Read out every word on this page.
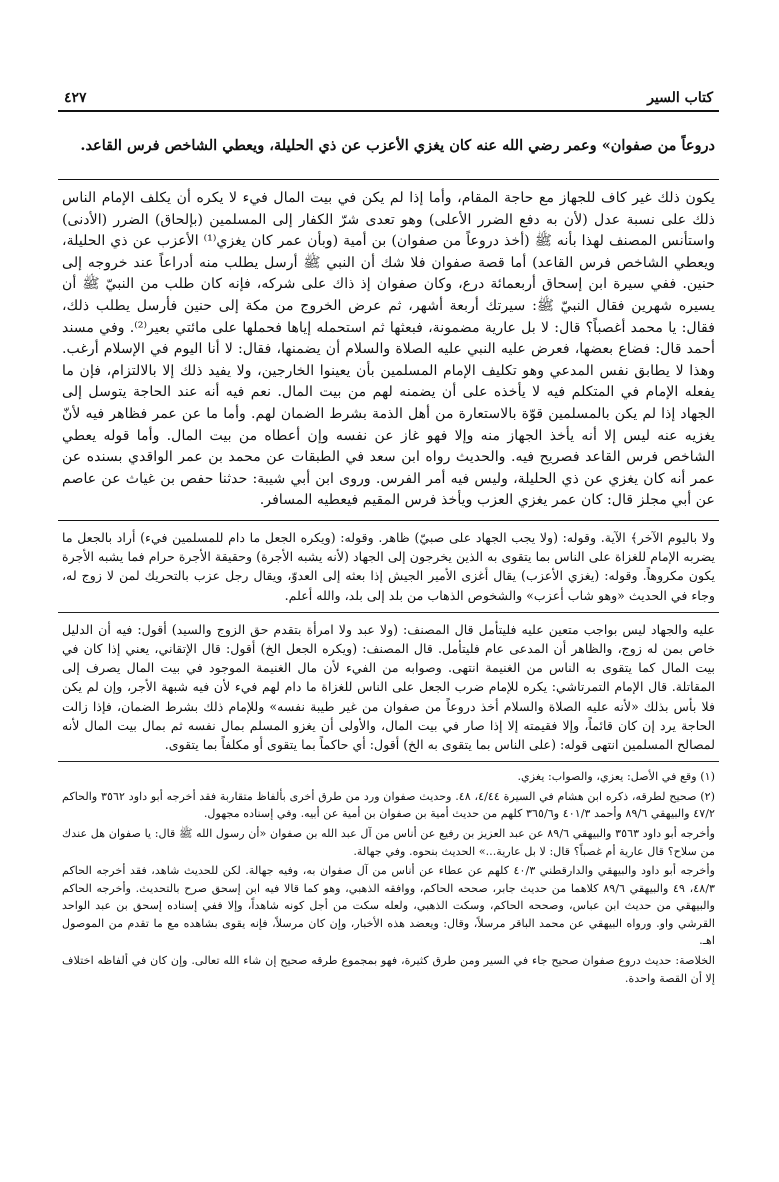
كتاب السير
٤٢٧

دروعاً من صفوان» وعمر رضي الله عنه كان يغزي الأعزب عن ذي الحليلة، ويعطي الشاخص فرس القاعد.

يكون ذلك غير كاف للجهاز مع حاجة المقام، وأما إذا لم يكن في بيت المال فيء لا يكره أن يكلف الإمام الناس ذلك على نسبة عدل (لأن به دفع الضرر الأعلى) وهو تعدى شرّ الكفار إلى المسلمين (بإلحاق) الضرر (الأدنى) واستأنس المصنف لهذا بأنه ﷺ (أخذ دروعاً من صفوان) بن أمية (وبأن عمر كان يغزي⁽¹⁾ الأعزب عن ذي الحليلة، ويعطي الشاخص فرس القاعد) أما قصة صفوان فلا شك أن النبي ﷺ أرسل يطلب منه أدراعاً عند خروجه إلى حنين. ففي سيرة ابن إسحاق أربعمائة درع، وكان صفوان إذ ذاك على شركه، فإنه كان طلب من النبيّ ﷺ أن يسيره شهرين فقال النبيّ ﷺ: سيرتك أربعة أشهر، ثم عرض الخروج من مكة إلى حنين فأرسل يطلب ذلك، فقال: يا محمد أغصباً؟ قال: لا بل عارية مضمونة، فبعثها ثم استحمله إياها فحملها على مائتي بعير⁽²⁾. وفي مسند أحمد قال: فضاع بعضها، فعرض عليه النبي عليه الصلاة والسلام أن يضمنها، فقال: لا أنا اليوم في الإسلام أرغب. وهذا لا يطابق نفس المدعي وهو تكليف الإمام المسلمين بأن يعينوا الخارجين، ولا يفيد ذلك إلا بالالتزام، فإن ما يفعله الإمام في المتكلم فيه لا يأخذه على أن يضمنه لهم من بيت المال. نعم فيه أنه عند الحاجة يتوسل إلى الجهاد إذا لم يكن بالمسلمين قوّة بالاستعارة من أهل الذمة بشرط الضمان لهم. وأما ما عن عمر فظاهر فيه لأنّ يغزيه عنه ليس إلا أنه يأخذ الجهاز منه وإلا فهو غاز عن نفسه وإن أعطاه من بيت المال. وأما قوله يعطي الشاخص فرس القاعد فصريح فيه. والحديث رواه ابن سعد في الطبقات عن محمد بن عمر الواقدي بسنده عن عمر أنه كان يغزي عن ذي الحليلة، وليس فيه أمر الفرس. وروى ابن أبي شيبة: حدثنا حفص بن غياث عن عاصم عن أبي مجلز قال: كان عمر يغزي العزب ويأخذ فرس المقيم فيعطيه المسافر.

ولا باليوم الآخر﴾ الآية. وقوله: (ولا يجب الجهاد على صبيّ) ظاهر. وقوله: (ويكره الجعل ما دام للمسلمين فيء) أراد بالجعل ما يضربه الإمام للغزاة على الناس بما يتقوى به الذين يخرجون إلى الجهاد (لأنه يشبه الأجرة) وحقيقة الأجرة حرام فما يشبه الأجرة يكون مكروهاً. وقوله: (يغزي الأعزب) يقال أغزى الأمير الجيش إذا بعثه إلى العدوّ، ويقال رجل عزب بالتحريك لمن لا زوج له، وجاء في الحديث «وهو شاب أعزب» والشخوص الذهاب من بلد إلى بلد، والله أعلم.

عليه والجهاد ليس بواجب متعين عليه فليتأمل قال المصنف: (ولا عبد ولا امرأة بتقدم حق الزوج والسيد) أقول: فيه أن الدليل خاص بمن له زوج، والظاهر أن المدعى عام فليتأمل. قال المصنف: (ويكره الجعل الخ) أقول: قال الإتقاني، يعني إذا كان في بيت المال كما يتقوى به الناس من الغنيمة انتهى. وصوابه من الفيء لأن مال الغنيمة الموجود في بيت المال يصرف إلى المقاتلة. قال الإمام التمرتاشي: يكره للإمام ضرب الجعل على الناس للغزاة ما دام لهم فيء لأن فيه شبهة الأجر، وإن لم يكن فلا بأس بذلك «لأنه عليه الصلاة والسلام أخذ دروعاً من صفوان من غير طيبة نفسه» وللإمام ذلك بشرط الضمان، فإذا زالت الحاجة يرد إن كان قائماً، وإلا فقيمته إلا إذا صار في بيت المال، والأولى أن يغزو المسلم بمال نفسه ثم بمال بيت المال لأنه لمصالح المسلمين انتهى قوله: (على الناس بما يتقوى به الخ) أقول: أي حاكماً بما يتقوى أو مكلفاً بما يتقوى.

(١) وقع في الأصل: يعزي، والصواب: يغزي.

(٢) صحيح لطرقه، ذكره ابن هشام في السيرة ٤/٤٤، ٤٨. وحديث صفوان ورد من طرق أخرى بألفاظ متقاربة فقد أخرجه أبو داود ٣٥٦٢ والحاكم ٤٧/٢ والبيهقي ٨٩/٦ وأحمد ٤٠١/٣ و٣٦٥/٦ كلهم من حديث أمية بن صفوان بن أمية عن أبيه. وفي إسناده مجهول.

وأخرجه أبو داود ٣٥٦٣ والبيهقي ٨٩/٦ عن عبد العزيز بن رفيع عن أناس من آل عبد الله بن صفوان «أن رسول الله ﷺ قال: يا صفوان هل عندك من سلاح؟ قال عارية أم غصباً؟ قال: لا بل عارية...» الحديث بنحوه. وفي جهالة.

وأخرجه أبو داود والبيهقي والدارقطني ٤٠/٣ كلهم عن عطاء عن أناس من آل صفوان به، وفيه جهالة. لكن للحديث شاهد، فقد أخرجه الحاكم ٤٨/٣، ٤٩ والبيهقي ٨٩/٦ كلاهما من حديث جابر، صححه الحاكم، ووافقه الذهبي، وهو كما قالا فيه ابن إسحق صرح بالتحديث. وأخرجه الحاكم والبيهقي من حديث ابن عباس، وصححه الحاكم، وسكت الذهبي، ولعله سكت من أجل كونه شاهداً، وإلا ففي إسناده إسحق بن عبد الواحد القرشي واو. ورواه البيهقي عن محمد الباقر مرسلاً، وقال: ويعضد هذه الأخبار، وإن كان مرسلاً، فإنه يقوى بشاهده مع ما تقدم من الموصول اهـ.

الخلاصة: حديث دروع صفوان صحيح جاء في السير ومن طرق كثيرة، فهو بمجموع طرقه صحيح إن شاء الله تعالى. وإن كان في ألفاظه اختلاف إلا أن القصة واحدة.
